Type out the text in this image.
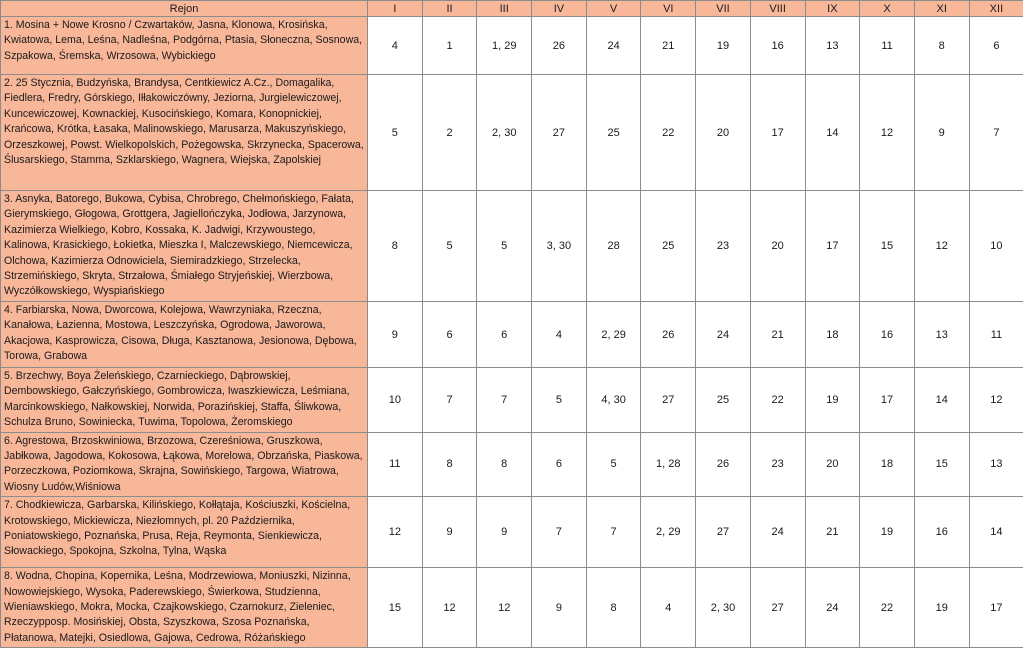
Rejon	I	II	III	IV	V	VI	VII	VIII	IX	X	XI	XII
1. Mosina + Nowe Krosno / Czwartaków, Jasna, Klonowa, Krosińska, Kwiatowa, Lema, Leśna, Nadleśna, Podgórna, Ptasia, Słoneczna, Sosnowa, Szpakowa, Śremska, Wrzosowa, Wybickiego	4	1	1, 29	26	24	21	19	16	13	11	8	6
2. 25 Stycznia, Budzyńska, Brandysa, Centkiewicz A.Cz., Domagalika, Fiedlera, Fredry, Górskiego, Iłłakowiczówny, Jeziorna, Jurgielewiczowej, Kuncewiczowej, Kownackiej, Kusocińskiego, Komara, Konopnickiej, Krańcowa, Krótka, Łasaka, Malinowskiego, Marusarza, Makuszyńskiego, Orzeszkowej, Powst. Wielkopolskich, Pożegowska, Skrzynecka, Spacerowa, Ślusarskiego, Stamma, Szklarskiego, Wagnera, Wiejska, Zapolskiej	5	2	2, 30	27	25	22	20	17	14	12	9	7
3. Asnyka, Batorego, Bukowa, Cybisa, Chrobrego, Chełmońskiego, Fałata, Gierymskiego, Głogowa, Grottgera, Jagiellończyka, Jodłowa, Jarzynowa, Kazimierza Wielkiego, Kobro, Kossaka, K. Jadwigi, Krzywoustego, Kalinowa, Krasickiego, Łokietka, Mieszka I, Malczewskiego, Niemcewicza, Olchowa, Kazimierza Odnowiciela, Siemiradzkiego, Strzelecka, Strzemińskiego, Skryta, Strzałowa, Śmiałego Stryjeńskiej, Wierzbowa, Wyczółkowskiego, Wyspiańskiego	8	5	5	3, 30	28	25	23	20	17	15	12	10
4. Farbiarska, Nowa, Dworcowa, Kolejowa, Wawrzyniaka, Rzeczna, Kanałowa, Łazienna, Mostowa, Leszczyńska, Ogrodowa, Jaworowa, Akacjowa, Kasprowicza, Cisowa, Długa, Kasztanowa, Jesionowa, Dębowa, Torowa, Grabowa	9	6	6	4	2, 29	26	24	21	18	16	13	11
5. Brzechwy, Boya Żeleńskiego, Czarnieckiego, Dąbrowskiej, Dembowskiego, Gałczyńskiego, Gombrowicza, Iwaszkiewicza, Leśmiana, Marcinkowskiego, Nałkowskiej, Norwida, Porazińskiej, Staffa, Śliwkowa, Schulza Bruno, Sowinieckа, Tuwima, Topolowa, Żeromskiego	10	7	7	5	4, 30	27	25	22	19	17	14	12
6. Agrestowa, Brzoskwiniowa, Brzozowa, Czereśniowa, Gruszkowa, Jabłkowa, Jagodowa, Kokosowa, Łąkowa, Morelowa, Obrzańska, Piaskowa, Porzeczkowa, Poziomkowa, Skrajna, Sowińskiego, Targowa, Wiatrowa, Wiosny Ludów,Wiśniowa	11	8	8	6	5	1, 28	26	23	20	18	15	13
7. Chodkiewicza, Garbarska, Kilińskiego, Kołłątaja, Kościuszki, Kościelna, Krotowskiego, Mickiewicza, Niezłomnych, pl. 20 Października, Poniatowskiego, Poznańska, Prusa, Reja, Reymonta, Sienkiewicza, Słowackiego, Spokojna, Szkolna, Tylna, Wąska	12	9	9	7	7	2, 29	27	24	21	19	16	14
8. Wodna, Chopina, Kopernika, Leśna, Modrzewiowa, Moniuszki, Nizinna, Nowowiejskiego, Wysoka, Paderewskiego, Świerkowa, Studzienna, Wieniawskiego, Mokra, Mocka, Czajkowskiego, Czarnokurz, Zieleniec, Rzeczypposp. Mosińskiej, Obsta, Szyszkowa, Szosa Poznańska, Płatanowa, Matejki, Osiedlowa, Gajowa, Cedrowa, Różańskiego	15	12	12	9	8	4	2, 30	27	24	22	19	17
